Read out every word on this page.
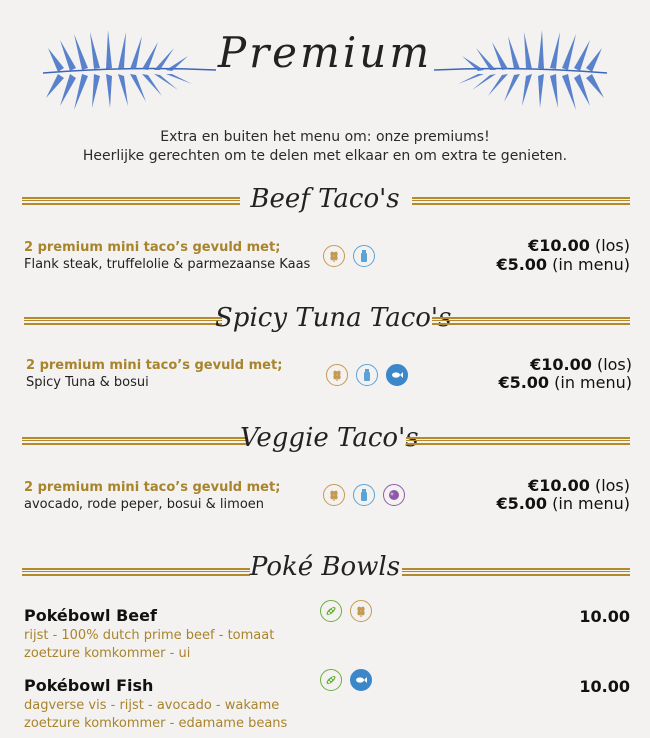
Premium
Extra en buiten het menu om: onze premiums!
Heerlijke gerechten om te delen met elkaar en om extra te genieten.
Beef Taco's
2 premium mini taco’s gevuld met;
Flank steak, truffelolie & parmezaanse Kaas
€10.00 (los)
€5.00 (in menu)
Spicy Tuna Taco's
2 premium mini taco’s gevuld met;
Spicy Tuna & bosui
€10.00 (los)
€5.00 (in menu)
Veggie Taco's
2 premium mini taco’s gevuld met;
avocado, rode peper, bosui & limoen
€10.00 (los)
€5.00 (in menu)
Poké Bowls
Pokébowl Beef
rijst - 100% dutch prime beef - tomaat
zoetzure komkommer - ui
10.00
Pokébowl Fish
dagverse vis - rijst - avocado - wakame
zoetzure komkommer - edamame beans
10.00
